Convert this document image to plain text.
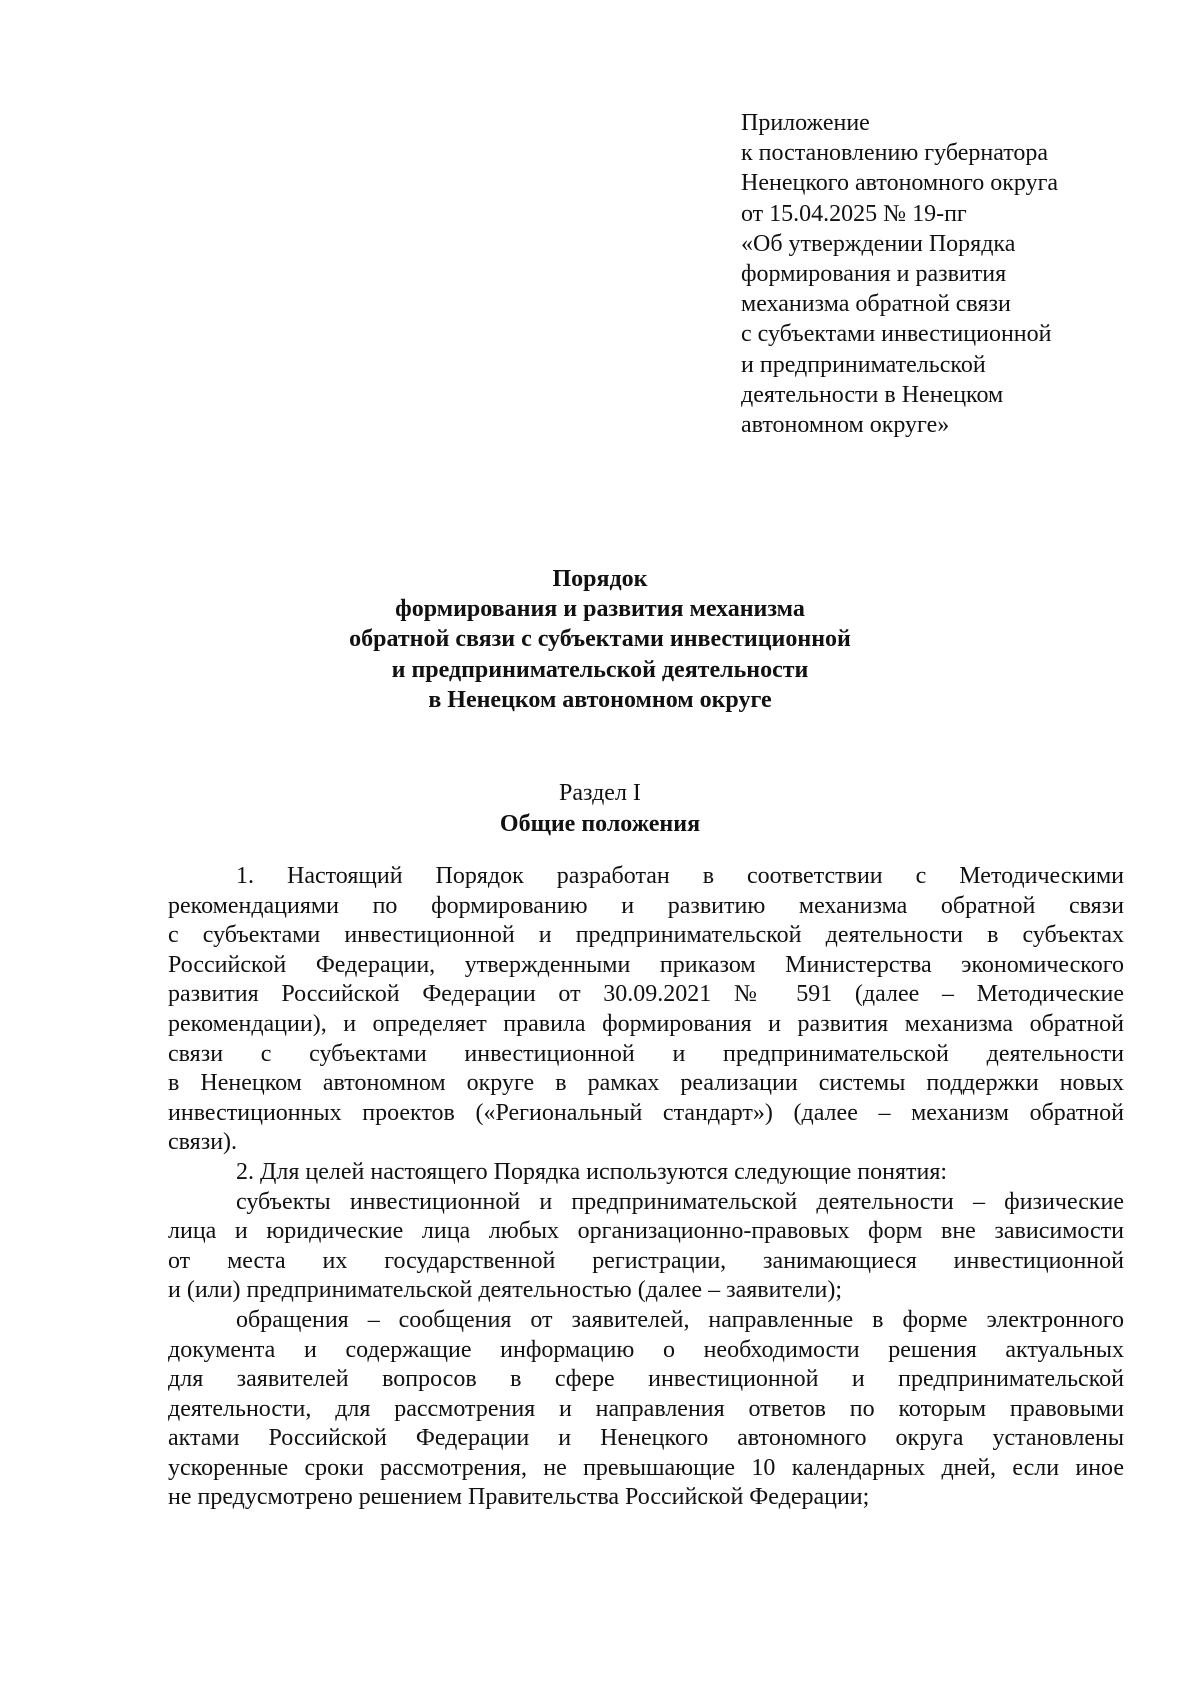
Приложение
к постановлению губернатора
Ненецкого автономного округа
от 15.04.2025 № 19-пг
«Об утверждении Порядка
формирования и развития
механизма обратной связи
с субъектами инвестиционной
и предпринимательской
деятельности в Ненецком
автономном округе»
Порядок
формирования и развития механизма
обратной связи с субъектами инвестиционной
и предпринимательской деятельности
в Ненецком автономном округе
Раздел I
Общие положения
1. Настоящий Порядок разработан в соответствии с Методическими
рекомендациями по формированию и развитию механизма обратной связи
с субъектами инвестиционной и предпринимательской деятельности в субъектах
Российской Федерации, утвержденными приказом Министерства экономического
развития Российской Федерации от 30.09.2021 № 591 (далее – Методические
рекомендации), и определяет правила формирования и развития механизма обратной
связи с субъектами инвестиционной и предпринимательской деятельности
в Ненецком автономном округе в рамках реализации системы поддержки новых
инвестиционных проектов («Региональный стандарт») (далее – механизм обратной
связи).
2. Для целей настоящего Порядка используются следующие понятия:
субъекты инвестиционной и предпринимательской деятельности – физические
лица и юридические лица любых организационно-правовых форм вне зависимости
от места их государственной регистрации, занимающиеся инвестиционной
и (или) предпринимательской деятельностью (далее – заявители);
обращения – сообщения от заявителей, направленные в форме электронного
документа и содержащие информацию о необходимости решения актуальных
для заявителей вопросов в сфере инвестиционной и предпринимательской
деятельности, для рассмотрения и направления ответов по которым правовыми
актами Российской Федерации и Ненецкого автономного округа установлены
ускоренные сроки рассмотрения, не превышающие 10 календарных дней, если иное
не предусмотрено решением Правительства Российской Федерации;
